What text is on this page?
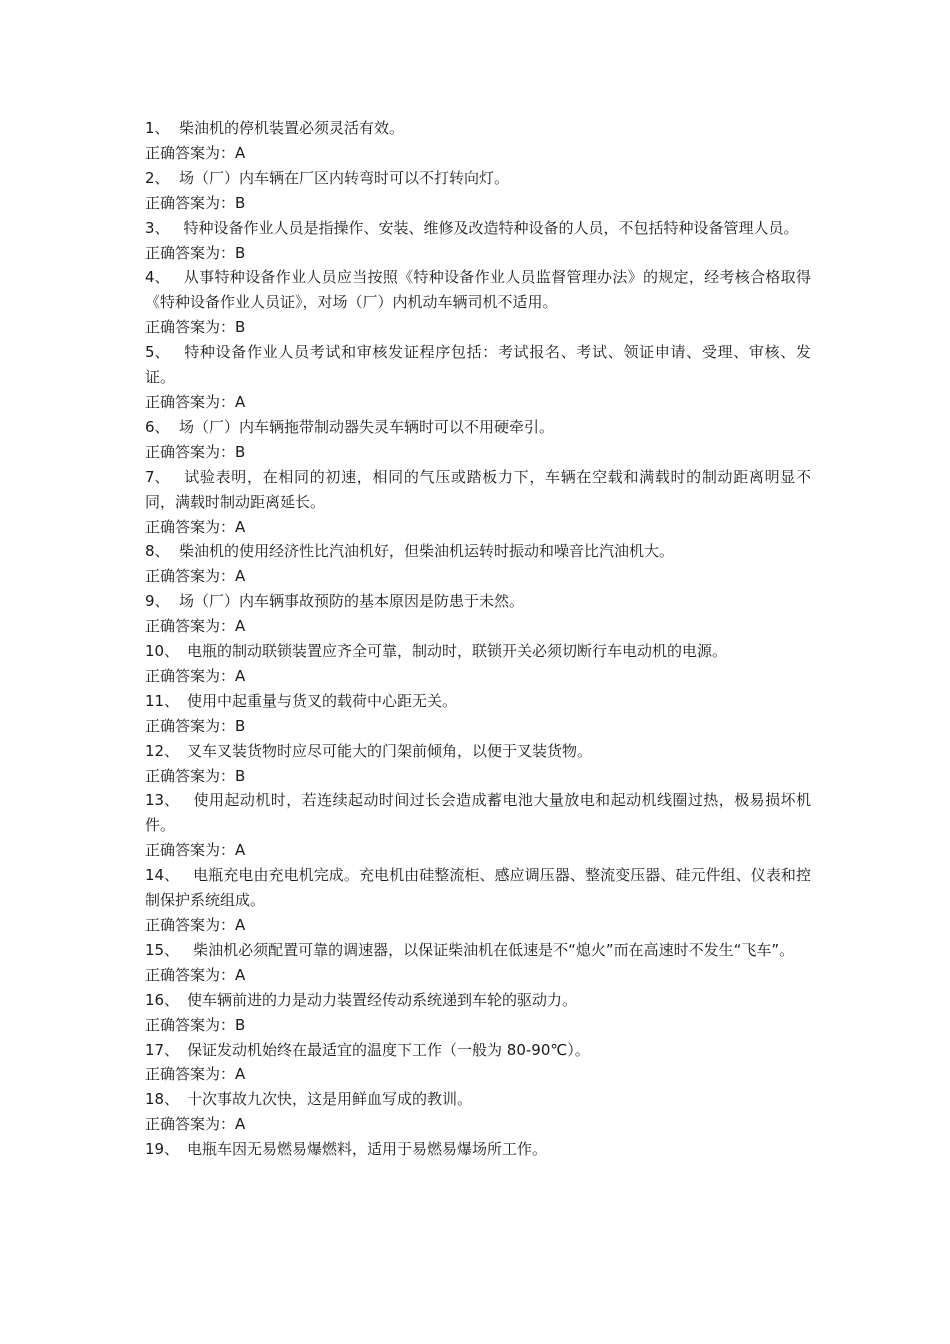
1、 柴油机的停机装置必须灵活有效。

正确答案为：A

2、 场（厂）内车辆在厂区内转弯时可以不打转向灯。

正确答案为：B

3、 特种设备作业人员是指操作、安装、维修及改造特种设备的人员，不包括特种设备管理人员。

正确答案为：B

4、 从事特种设备作业人员应当按照《特种设备作业人员监督管理办法》的规定，经考核合格取得《特种设备作业人员证》，对场（厂）内机动车辆司机不适用。

正确答案为：B

5、 特种设备作业人员考试和审核发证程序包括：考试报名、考试、领证申请、受理、审核、发证。

正确答案为：A

6、 场（厂）内车辆拖带制动器失灵车辆时可以不用硬牵引。

正确答案为：B

7、 试验表明，在相同的初速，相同的气压或踏板力下，车辆在空载和满载时的制动距离明显不同，满载时制动距离延长。

正确答案为：A

8、 柴油机的使用经济性比汽油机好，但柴油机运转时振动和噪音比汽油机大。

正确答案为：A

9、 场（厂）内车辆事故预防的基本原因是防患于未然。

正确答案为：A

10、 电瓶的制动联锁装置应齐全可靠，制动时，联锁开关必须切断行车电动机的电源。

正确答案为：A

11、 使用中起重量与货叉的载荷中心距无关。

正确答案为：B

12、 叉车叉装货物时应尽可能大的门架前倾角，以便于叉装货物。

正确答案为：B

13、 使用起动机时，若连续起动时间过长会造成蓄电池大量放电和起动机线圈过热，极易损坏机件。

正确答案为：A

14、 电瓶充电由充电机完成。充电机由硅整流柜、感应调压器、整流变压器、硅元件组、仪表和控制保护系统组成。

正确答案为：A

15、 柴油机必须配置可靠的调速器，以保证柴油机在低速是不“熄火”而在高速时不发生“飞车”。

正确答案为：A

16、 使车辆前进的力是动力装置经传动系统递到车轮的驱动力。

正确答案为：B

17、 保证发动机始终在最适宜的温度下工作（一般为 80-90℃）。

正确答案为：A

18、 十次事故九次快，这是用鲜血写成的教训。

正确答案为：A

19、 电瓶车因无易燃易爆燃料，适用于易燃易爆场所工作。
